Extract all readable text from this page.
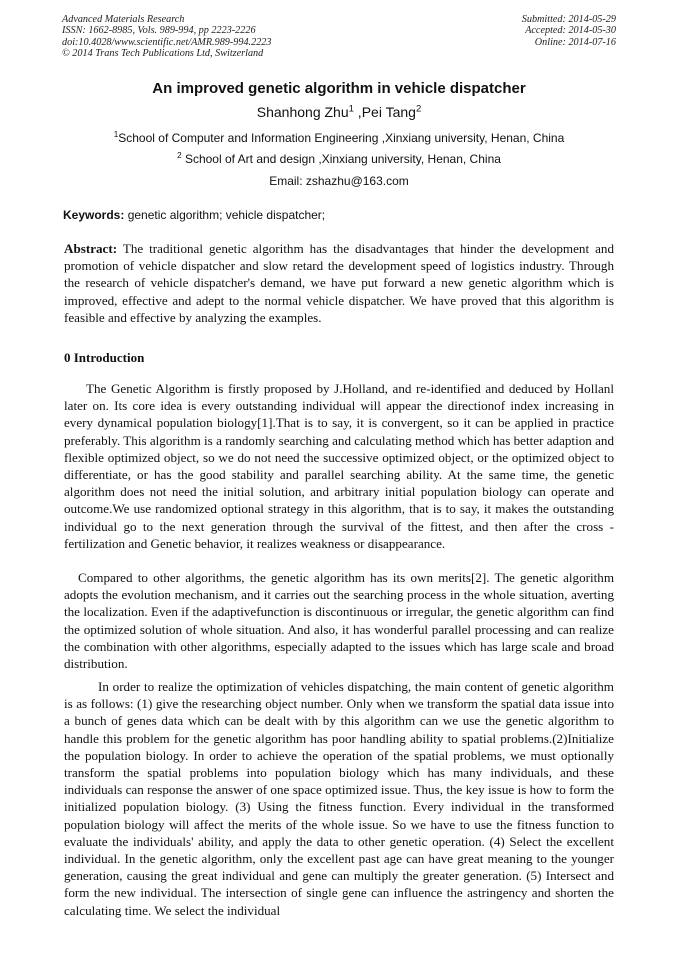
Advanced Materials Research
ISSN: 1662-8985, Vols. 989-994, pp 2223-2226
doi:10.4028/www.scientific.net/AMR.989-994.2223
© 2014 Trans Tech Publications Ltd, Switzerland
Submitted: 2014-05-29
Accepted: 2014-05-30
Online: 2014-07-16
An improved genetic algorithm in vehicle dispatcher
Shanhong Zhu$^1$ ,Pei Tang$^2$
$^1$School of Computer and Information Engineering ,Xinxiang university, Henan, China
$^2$ School of Art and design ,Xinxiang university, Henan, China
Email: zshazhu@163.com
Keywords: genetic algorithm; vehicle dispatcher;
Abstract: The traditional genetic algorithm has the disadvantages that hinder the development and promotion of vehicle dispatcher and slow retard the development speed of logistics industry. Through the research of vehicle dispatcher's demand, we have put forward a new genetic algorithm which is improved, effective and adept to the normal vehicle dispatcher. We have proved that this algorithm is feasible and effective by analyzing the examples.
0 Introduction
The Genetic Algorithm is firstly proposed by J.Holland, and re-identified and deduced by Hollanl later on. Its core idea is every outstanding individual will appear the directionof index increasing in every dynamical population biology[1].That is to say, it is convergent, so it can be applied in practice preferably. This algorithm is a randomly searching and calculating method which has better adaption and flexible optimized object, so we do not need the successive optimized object, or the optimized object to differentiate, or has the good stability and parallel searching ability. At the same time, the genetic algorithm does not need the initial solution, and arbitrary initial population biology can operate and outcome.We use randomized optional strategy in this algorithm, that is to say, it makes the outstanding individual go to the next generation through the survival of the fittest, and then after the cross - fertilization and Genetic behavior, it realizes weakness or disappearance.
Compared to other algorithms, the genetic algorithm has its own merits[2]. The genetic algorithm adopts the evolution mechanism, and it carries out the searching process in the whole situation, averting the localization. Even if the adaptivefunction is discontinuous or irregular, the genetic algorithm can find the optimized solution of whole situation. And also, it has wonderful parallel processing and can realize the combination with other algorithms, especially adapted to the issues which has large scale and broad distribution.
In order to realize the optimization of vehicles dispatching, the main content of genetic algorithm is as follows: (1) give the researching object number. Only when we transform the spatial data issue into a bunch of genes data which can be dealt with by this algorithm can we use the genetic algorithm to handle this problem for the genetic algorithm has poor handling ability to spatial problems.(2)Initialize the population biology. In order to achieve the operation of the spatial problems, we must optionally transform the spatial problems into population biology which has many individuals, and these individuals can response the answer of one space optimized issue. Thus, the key issue is how to form the initialized population biology. (3) Using the fitness function. Every individual in the transformed population biology will affect the merits of the whole issue. So we have to use the fitness function to evaluate the individuals' ability, and apply the data to other genetic operation. (4) Select the excellent individual. In the genetic algorithm, only the excellent past age can have great meaning to the younger generation, causing the great individual and gene can multiply the greater generation. (5) Intersect and form the new individual. The intersection of single gene can influence the astringency and shorten the calculating time. We select the individual
